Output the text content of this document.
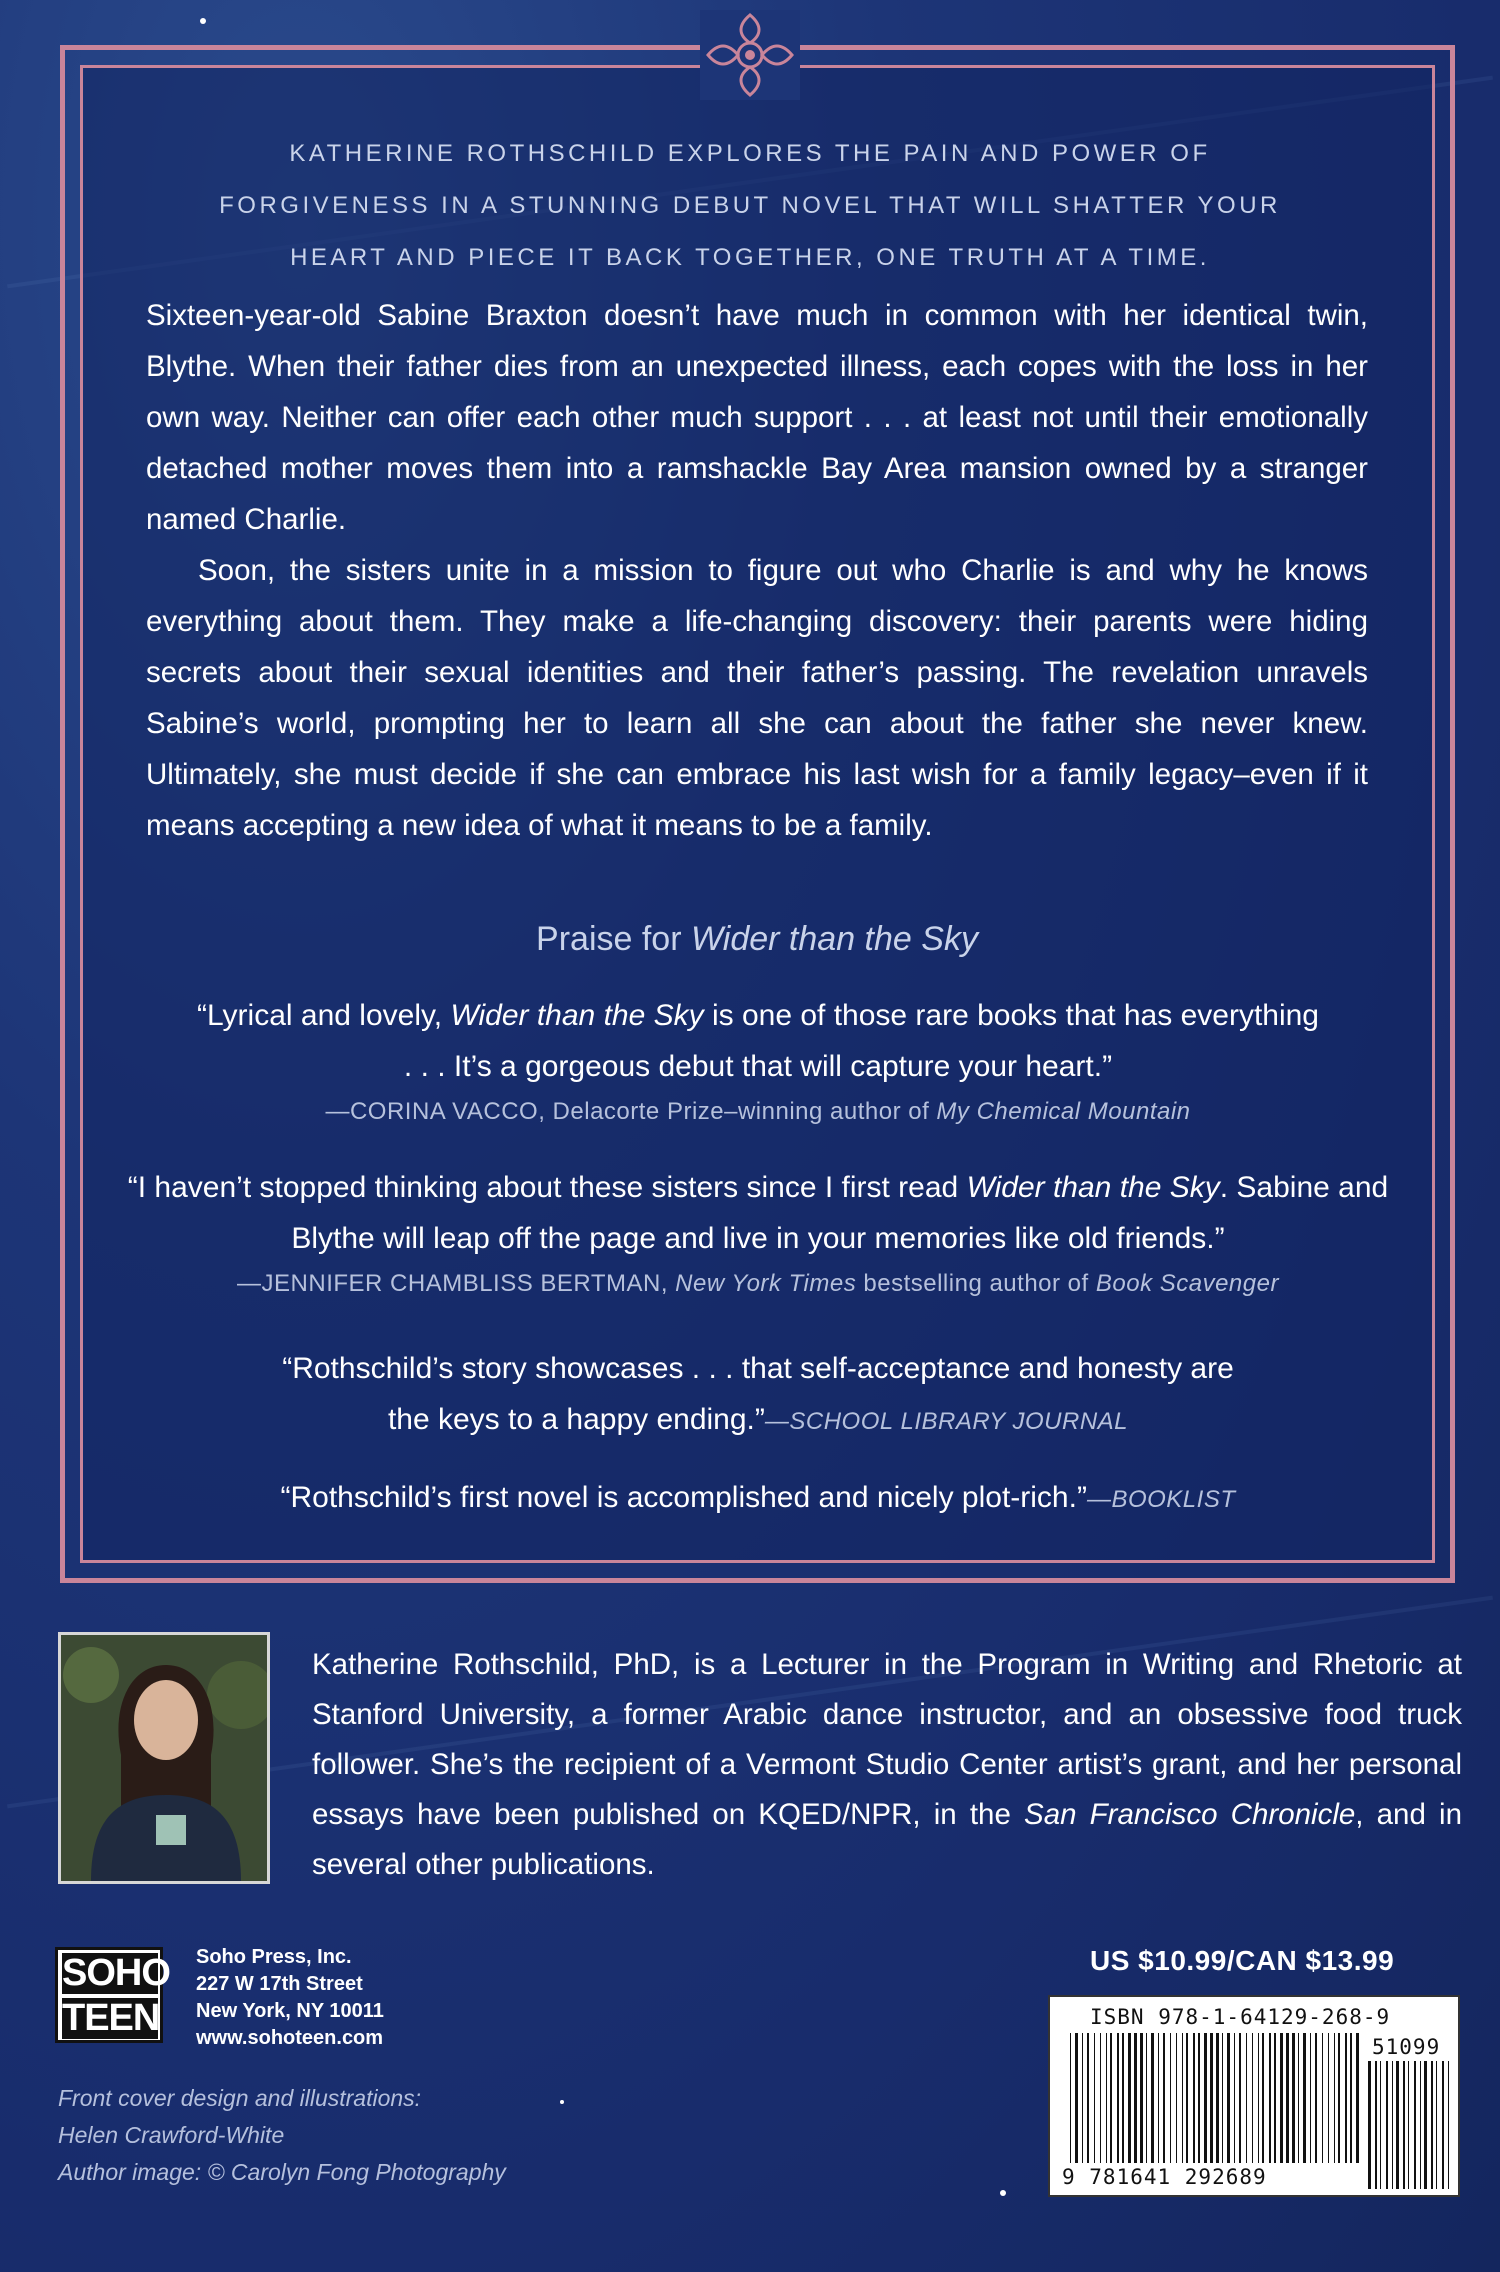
KATHERINE ROTHSCHILD EXPLORES THE PAIN AND POWER OF FORGIVENESS IN A STUNNING DEBUT NOVEL THAT WILL SHATTER YOUR HEART AND PIECE IT BACK TOGETHER, ONE TRUTH AT A TIME.

Sixteen-year-old Sabine Braxton doesn’t have much in common with her identical twin, Blythe. When their father dies from an unexpected illness, each copes with the loss in her own way. Neither can offer each other much support . . . at least not until their emotionally detached mother moves them into a ramshackle Bay Area mansion owned by a stranger named Charlie.

Soon, the sisters unite in a mission to figure out who Charlie is and why he knows everything about them. They make a life-changing discovery: their parents were hiding secrets about their sexual identities and their father’s passing. The revelation unravels Sabine’s world, prompting her to learn all she can about the father she never knew. Ultimately, she must decide if she can embrace his last wish for a family legacy–even if it means accepting a new idea of what it means to be a family.

Praise for Wider than the Sky
“Lyrical and lovely, Wider than the Sky is one of those rare books that has everything . . . It’s a gorgeous debut that will capture your heart.”
—CORINA VACCO, Delacorte Prize–winning author of My Chemical Mountain
“I haven’t stopped thinking about these sisters since I first read Wider than the Sky. Sabine and Blythe will leap off the page and live in your memories like old friends.”
—JENNIFER CHAMBLISS BERTMAN, New York Times bestselling author of Book Scavenger
“Rothschild’s story showcases . . . that self-acceptance and honesty are the keys to a happy ending.”—SCHOOL LIBRARY JOURNAL
“Rothschild’s first novel is accomplished and nicely plot-rich.”—BOOKLIST
Katherine Rothschild, PhD, is a Lecturer in the Program in Writing and Rhetoric at Stanford University, a former Arabic dance instructor, and an obsessive food truck follower. She’s the recipient of a Vermont Studio Center artist’s grant, and her personal essays have been published on KQED/NPR, in the San Francisco Chronicle, and in several other publications.
SOHO
TEEN
Soho Press, Inc.
227 W 17th Street
New York, NY 10011
www.sohoteen.com
US $10.99/CAN $13.99
Front cover design and illustrations:
Helen Crawford-White
Author image: © Carolyn Fong Photography
ISBN 978-1-64129-268-9
51099
9 781641 292689
